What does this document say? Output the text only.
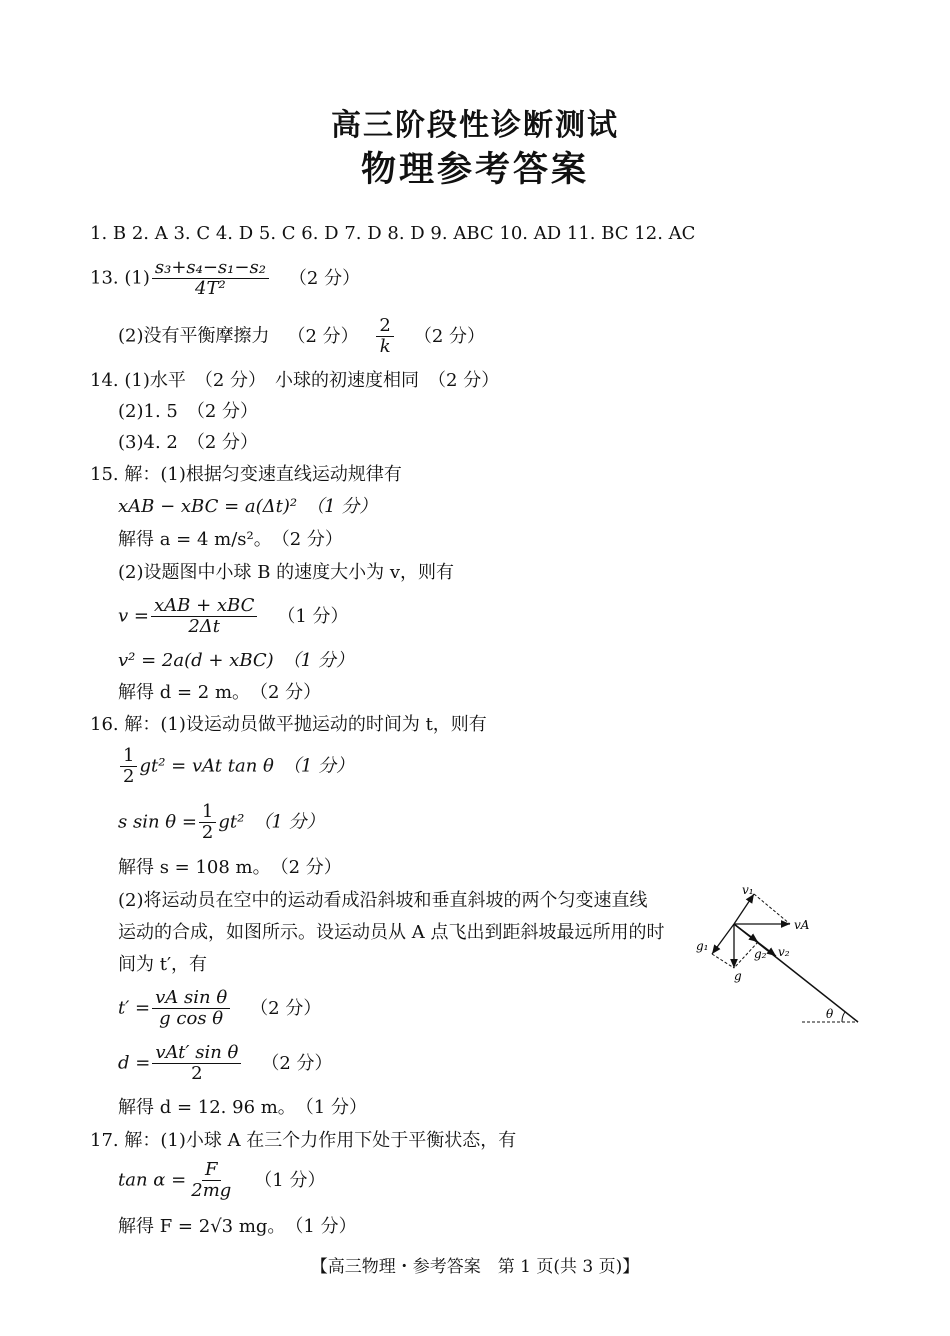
高三阶段性诊断测试
物理参考答案
1. B 2. A 3. C 4. D 5. C 6. D 7. D 8. D 9. ABC 10. AD 11. BC 12. AC
13. $(1) \frac{\text{s₃+s₄−s₁−s₂}}{\text{4T²}} (2$ 分）
(2)没有平衡摩擦力 （2 分） $\frac{2}{k} (2$ 分）
14. (1)水平　（2 分）　小球的初速度相同　（2 分）
(2)1. 5　（2 分）
(3)4. 2　（2 分）
15. 解：(1)根据匀变速直线运动规律有
xAB − xBC = a(Δt)²　（1 分）
解得 a = 4 m/s²。　（2 分）
(2)设题图中小球 B 的速度大小为 v，则有
$v = \frac{\text{xAB + xBC}}{2\Delta t} (1$ 分）
v² = 2a(d + xBC)　（1 分）
解得 d = 2 m。　（2 分）
16. 解：(1)设运动员做平抛运动的时间为 t，则有
$\frac{1}{2} gt^2$ = vAt tan θ　（1 分）
s $\sin \theta = \frac{1}{2} gt^2$　（1 分）
解得 s = 108 m。　（2 分）
(2)将运动员在空中的运动看成沿斜坡和垂直斜坡的两个匀变速直线
运动的合成，如图所示。设运动员从 A 点飞出到距斜坡最远所用的时
间为 t′，有
$t' = \frac{\text{vA sin θ}}{\text{g cos θ}} (2$ 分）
$d = \frac{\text{vAt′ sin θ}}{2} (2$ 分）
解得 d = 12. 96 m。　（1 分）
17. 解：(1)小球 A 在三个力作用下处于平衡状态，有
$\tan \alpha = \frac{F}{2mg} (1$ 分）
解得 F = 2√3 mg。　（1 分）
v₁
vA
v₂
g₁
g₂
g
θ
【高三物理・参考答案　第 1 页(共 3 页)】
